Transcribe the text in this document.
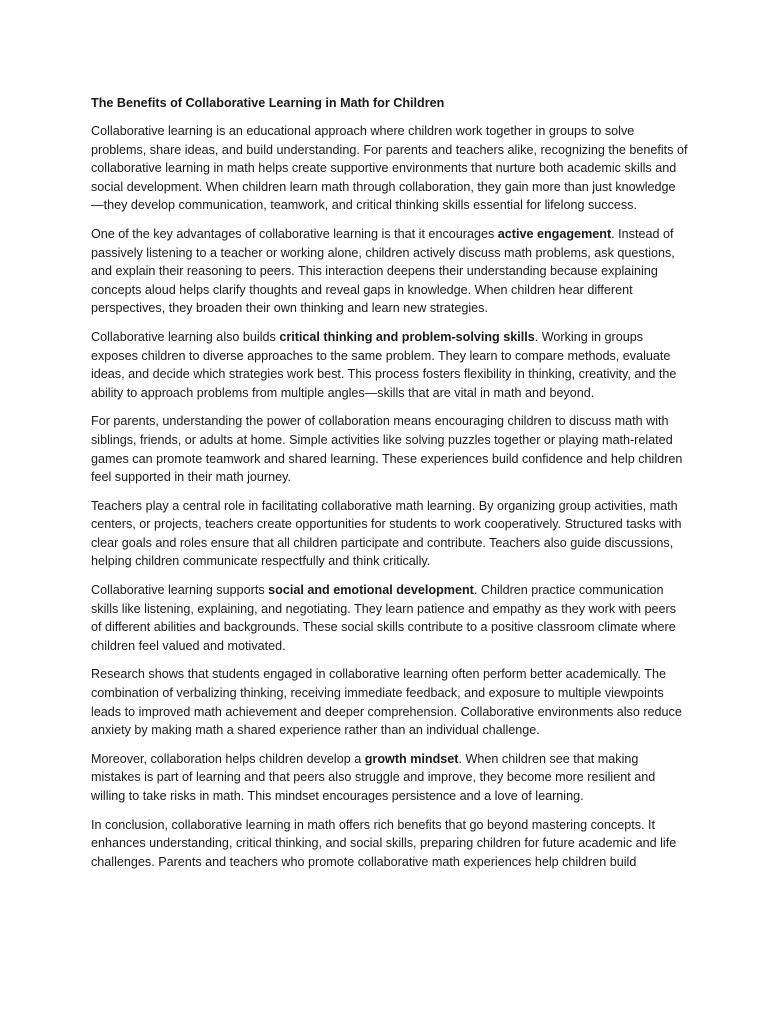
The Benefits of Collaborative Learning in Math for Children

Collaborative learning is an educational approach where children work together in groups to solve problems, share ideas, and build understanding. For parents and teachers alike, recognizing the benefits of collaborative learning in math helps create supportive environments that nurture both academic skills and social development. When children learn math through collaboration, they gain more than just knowledge—they develop communication, teamwork, and critical thinking skills essential for lifelong success.

One of the key advantages of collaborative learning is that it encourages active engagement. Instead of passively listening to a teacher or working alone, children actively discuss math problems, ask questions, and explain their reasoning to peers. This interaction deepens their understanding because explaining concepts aloud helps clarify thoughts and reveal gaps in knowledge. When children hear different perspectives, they broaden their own thinking and learn new strategies.

Collaborative learning also builds critical thinking and problem-solving skills. Working in groups exposes children to diverse approaches to the same problem. They learn to compare methods, evaluate ideas, and decide which strategies work best. This process fosters flexibility in thinking, creativity, and the ability to approach problems from multiple angles—skills that are vital in math and beyond.

For parents, understanding the power of collaboration means encouraging children to discuss math with siblings, friends, or adults at home. Simple activities like solving puzzles together or playing math-related games can promote teamwork and shared learning. These experiences build confidence and help children feel supported in their math journey.

Teachers play a central role in facilitating collaborative math learning. By organizing group activities, math centers, or projects, teachers create opportunities for students to work cooperatively. Structured tasks with clear goals and roles ensure that all children participate and contribute. Teachers also guide discussions, helping children communicate respectfully and think critically.

Collaborative learning supports social and emotional development. Children practice communication skills like listening, explaining, and negotiating. They learn patience and empathy as they work with peers of different abilities and backgrounds. These social skills contribute to a positive classroom climate where children feel valued and motivated.

Research shows that students engaged in collaborative learning often perform better academically. The combination of verbalizing thinking, receiving immediate feedback, and exposure to multiple viewpoints leads to improved math achievement and deeper comprehension. Collaborative environments also reduce anxiety by making math a shared experience rather than an individual challenge.

Moreover, collaboration helps children develop a growth mindset. When children see that making mistakes is part of learning and that peers also struggle and improve, they become more resilient and willing to take risks in math. This mindset encourages persistence and a love of learning.

In conclusion, collaborative learning in math offers rich benefits that go beyond mastering concepts. It enhances understanding, critical thinking, and social skills, preparing children for future academic and life challenges. Parents and teachers who promote collaborative math experiences help children build
